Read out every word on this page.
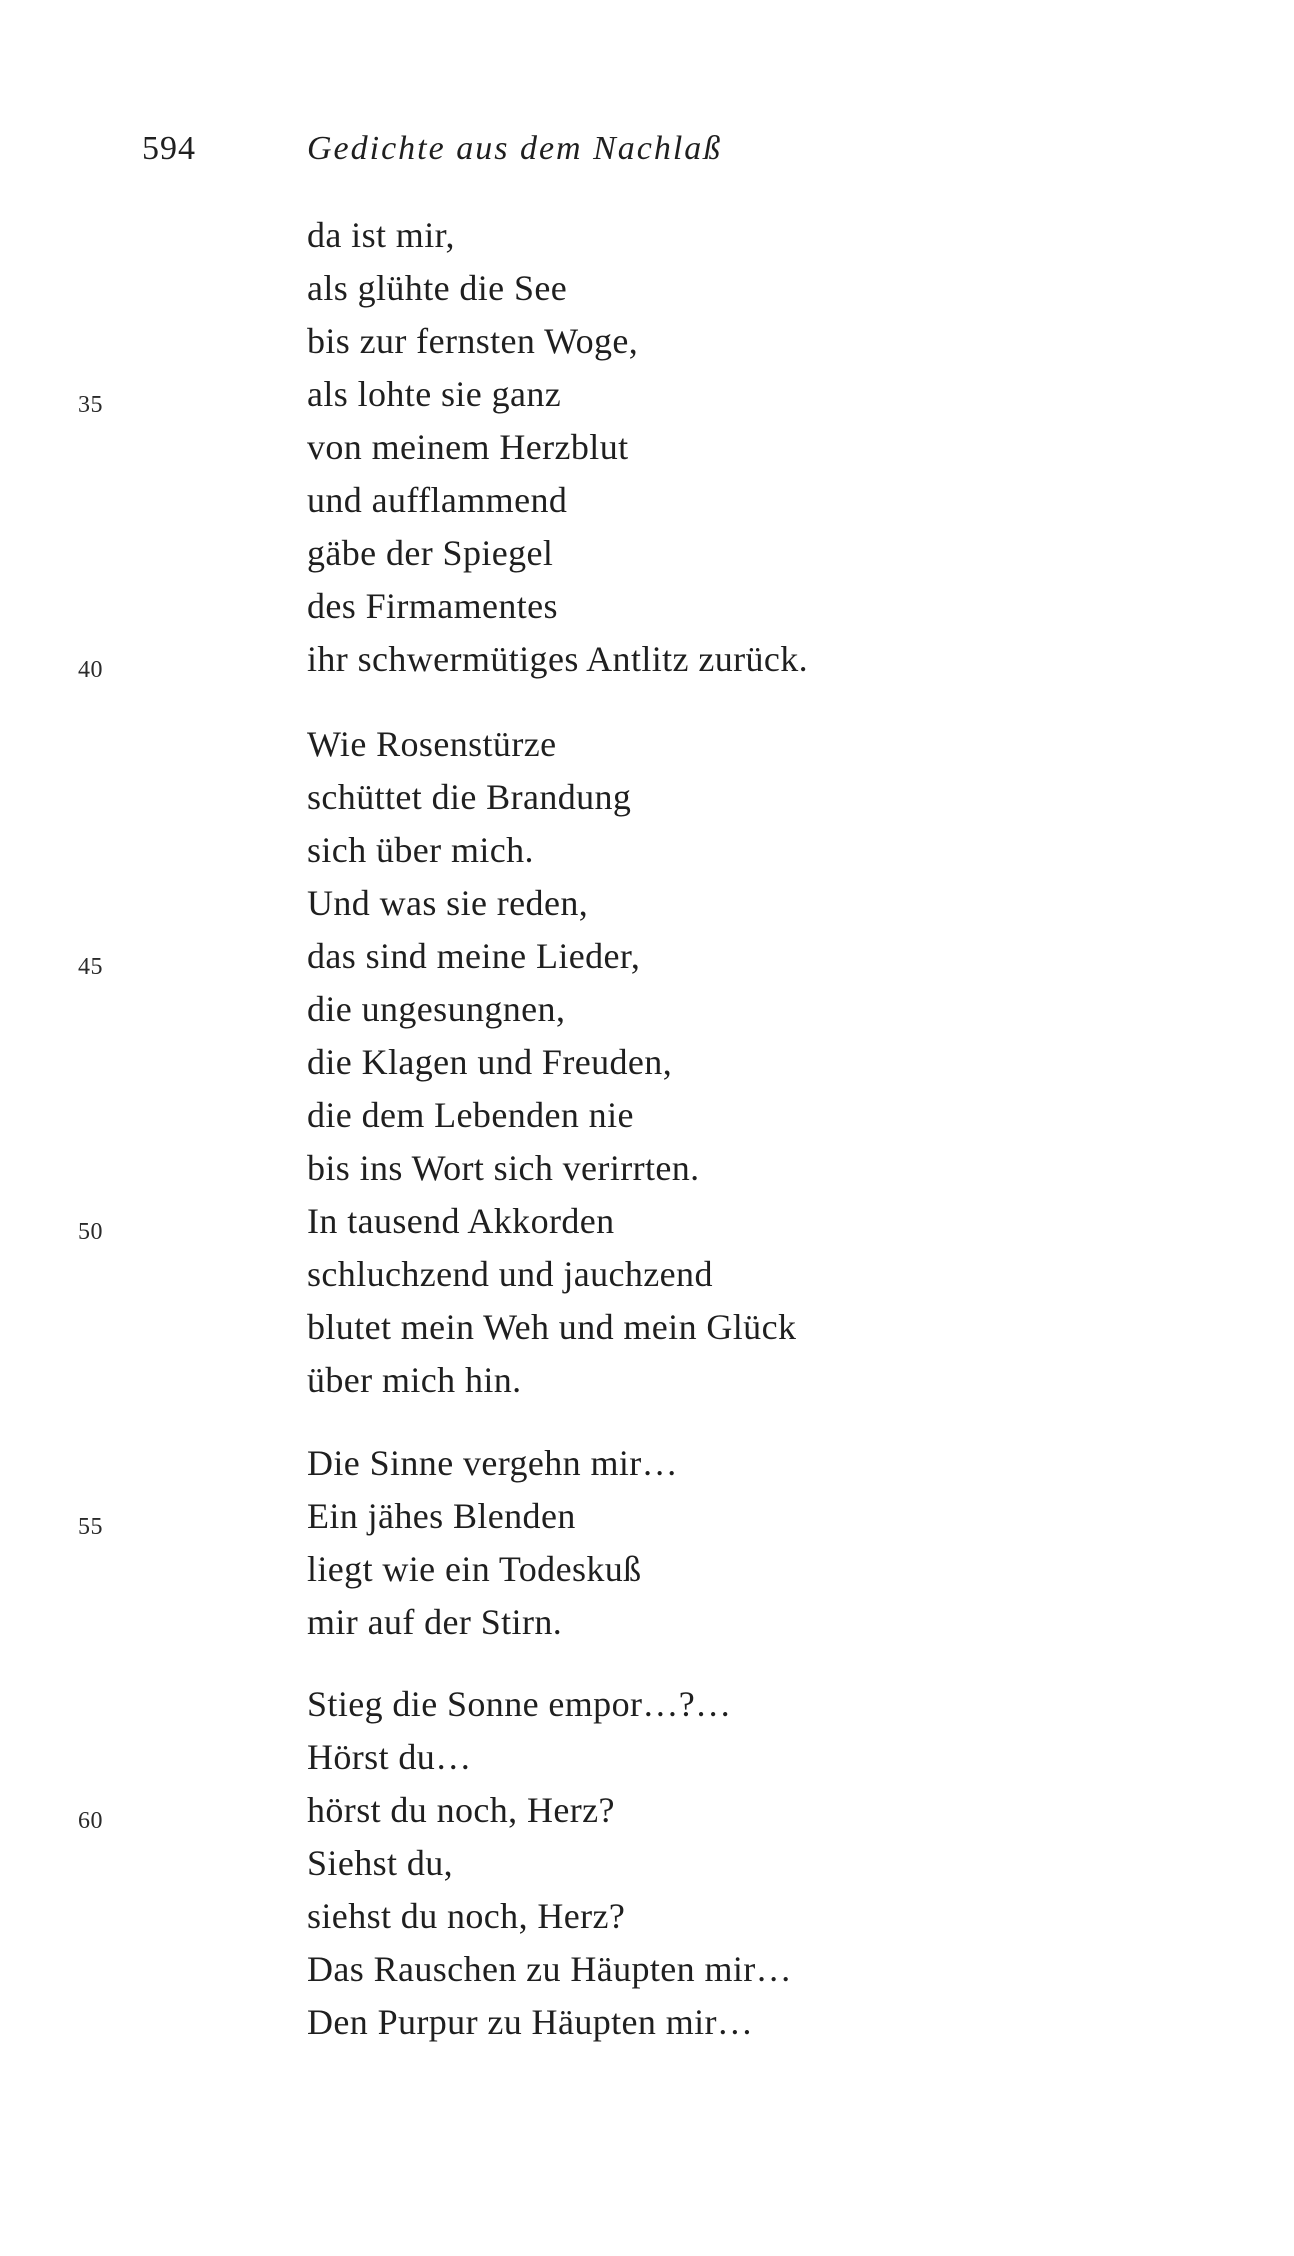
594	Gedichte aus dem Nachlaß
da ist mir,
als glühte die See
bis zur fernsten Woge,
als lohte sie ganz
von meinem Herzblut
und aufflammend
gäbe der Spiegel
des Firmamentes
ihr schwermütiges Antlitz zurück.
Wie Rosenstürze
schüttet die Brandung
sich über mich.
Und was sie reden,
das sind meine Lieder,
die ungesungnen,
die Klagen und Freuden,
die dem Lebenden nie
bis ins Wort sich verirrten.
In tausend Akkorden
schluchzend und jauchzend
blutet mein Weh und mein Glück
über mich hin.
Die Sinne vergehn mir…
Ein jähes Blenden
liegt wie ein Todeskuß
mir auf der Stirn.
Stieg die Sonne empor…?…
Hörst du…
hörst du noch, Herz?
Siehst du,
siehst du noch, Herz?
Das Rauschen zu Häupten mir…
Den Purpur zu Häupten mir…
35
40
45
50
55
60
